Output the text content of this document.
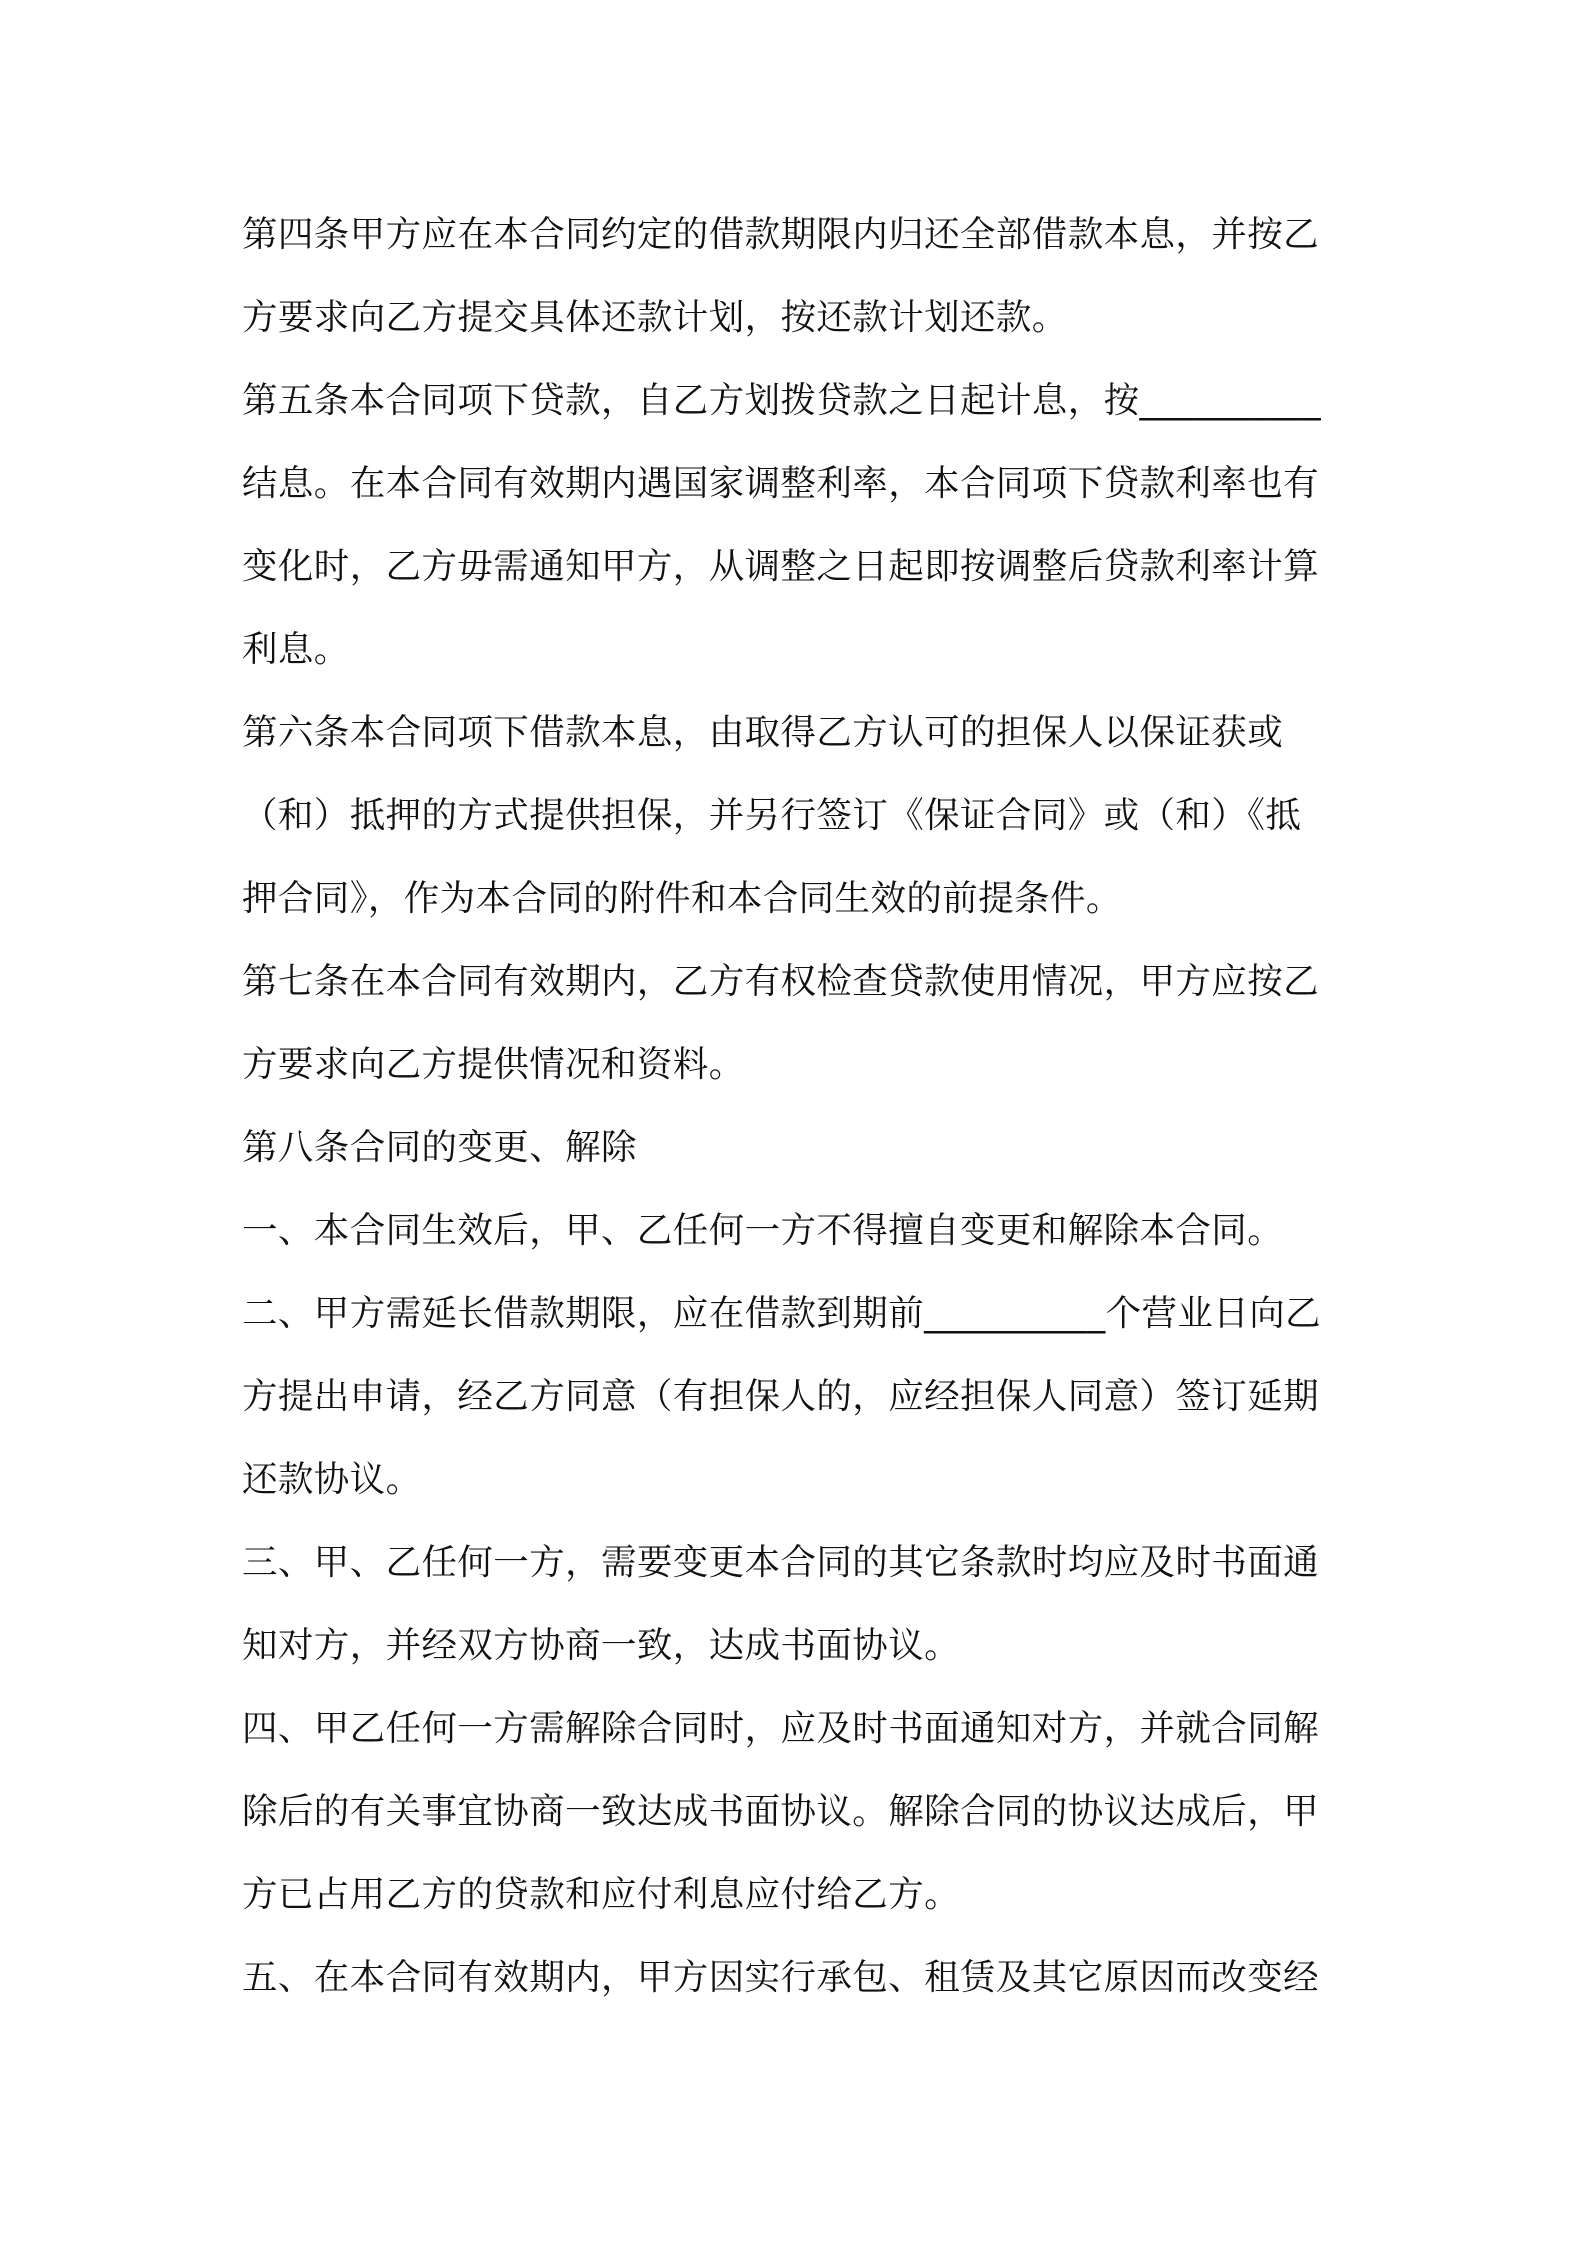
第四条甲方应在本合同约定的借款期限内归还全部借款本息，并按乙

方要求向乙方提交具体还款计划，按还款计划还款。

第五条本合同项下贷款，自乙方划拨贷款之日起计息，按__________

结息。在本合同有效期内遇国家调整利率，本合同项下贷款利率也有

变化时，乙方毋需通知甲方，从调整之日起即按调整后贷款利率计算

利息。

第六条本合同项下借款本息，由取得乙方认可的担保人以保证获或

（和）抵押的方式提供担保，并另行签订《保证合同》或（和）《抵

押合同》，作为本合同的附件和本合同生效的前提条件。

第七条在本合同有效期内，乙方有权检查贷款使用情况，甲方应按乙

方要求向乙方提供情况和资料。

第八条合同的变更、解除

一、本合同生效后，甲、乙任何一方不得擅自变更和解除本合同。

二、甲方需延长借款期限，应在借款到期前__________个营业日向乙

方提出申请，经乙方同意（有担保人的，应经担保人同意）签订延期

还款协议。

三、甲、乙任何一方，需要变更本合同的其它条款时均应及时书面通

知对方，并经双方协商一致，达成书面协议。

四、甲乙任何一方需解除合同时，应及时书面通知对方，并就合同解

除后的有关事宜协商一致达成书面协议。解除合同的协议达成后，甲

方已占用乙方的贷款和应付利息应付给乙方。

五、在本合同有效期内，甲方因实行承包、租赁及其它原因而改变经
